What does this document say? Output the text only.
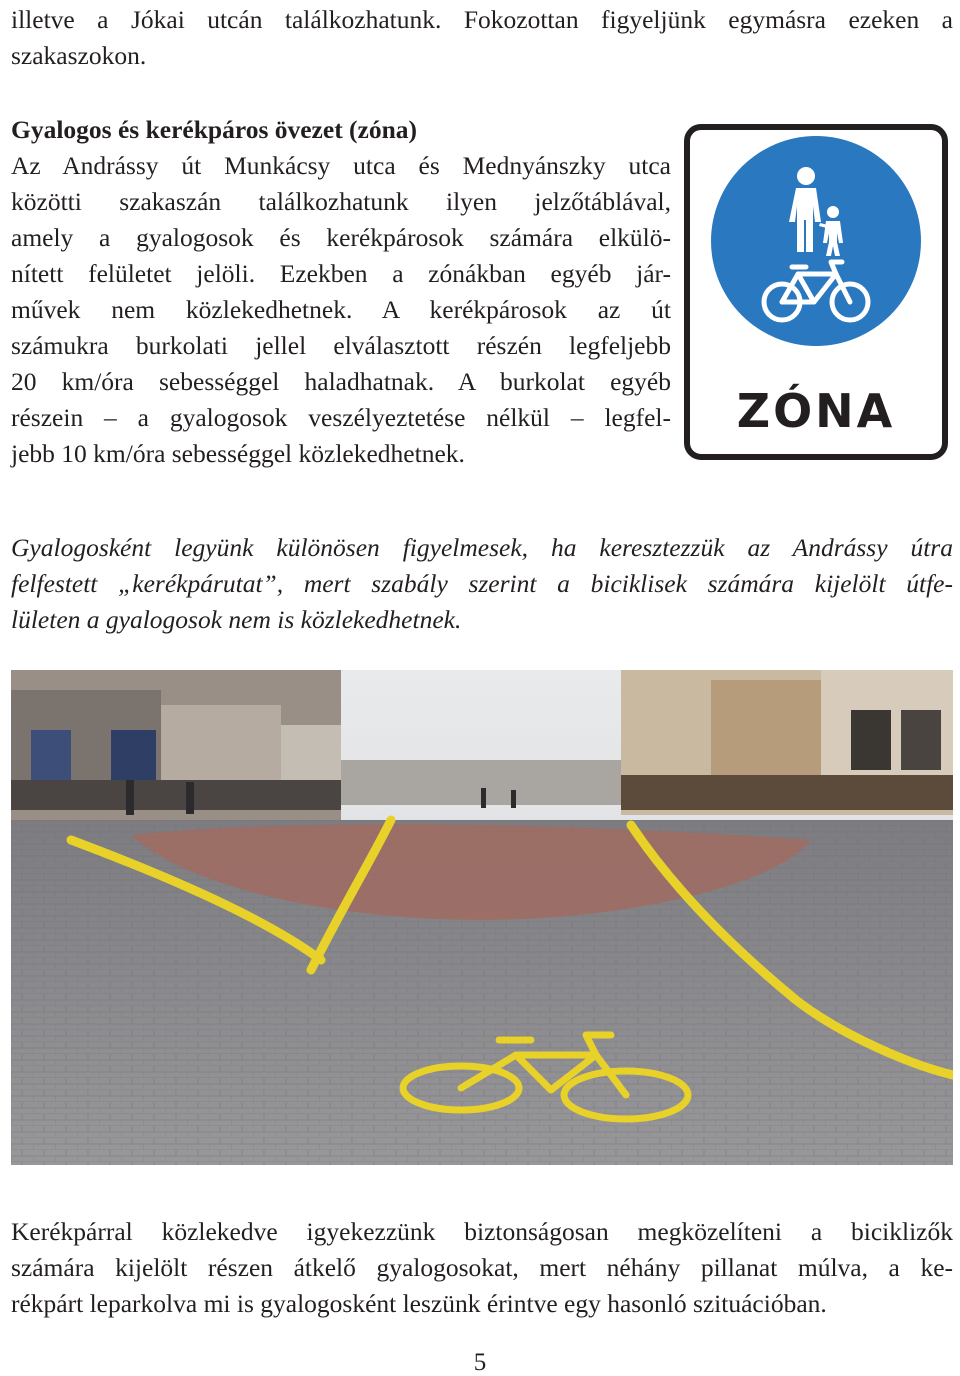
illetve a Jókai utcán találkozhatunk. Fokozottan figyeljünk egymásra ezeken a
szakaszokon.
Gyalogos és kerékpáros övezet (zóna)
Az Andrássy út Munkácsy utca és Mednyánszky utca
közötti szakaszán találkozhatunk ilyen jelzőtáblával,
amely a gyalogosok és kerékpárosok számára elkülö-
nített felületet jelöli. Ezekben a zónákban egyéb jár-
művek nem közlekedhetnek. A kerékpárosok az út
számukra burkolati jellel elválasztott részén legfeljebb
20 km/óra sebességgel haladhatnak. A burkolat egyéb
részein – a gyalogosok veszélyeztetése nélkül – legfel-
jebb 10 km/óra sebességgel közlekedhetnek.
ZÓNA
Gyalogosként legyünk különösen figyelmesek, ha keresztezzük az Andrássy útra
felfestett „kerékpárutat”, mert szabály szerint a biciklisek számára kijelölt útfe-
lületen a gyalogosok nem is közlekedhetnek.
Kerékpárral közlekedve igyekezzünk biztonságosan megközelíteni a biciklizők
számára kijelölt részen átkelő gyalogosokat, mert néhány pillanat múlva, a ke-
rékpárt leparkolva mi is gyalogosként leszünk érintve egy hasonló szituációban.
5
